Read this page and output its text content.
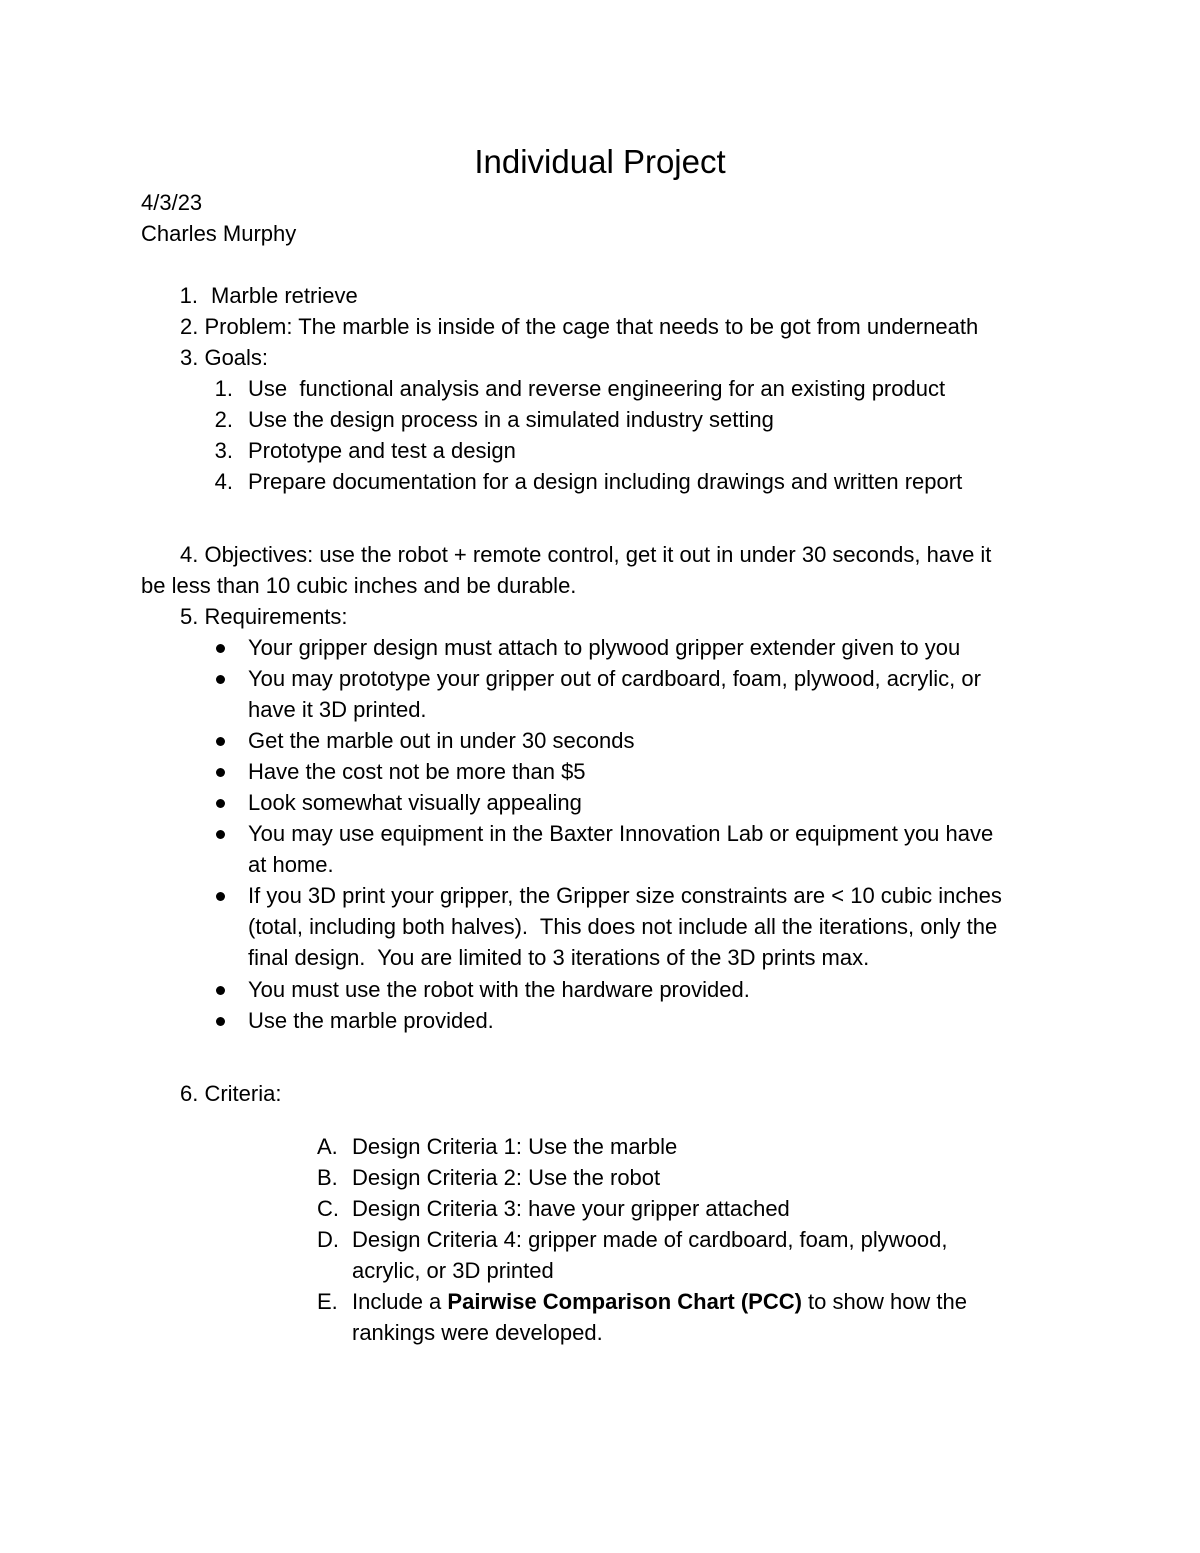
Individual Project
4/3/23
Charles Murphy
1. Marble retrieve
2. Problem: The marble is inside of the cage that needs to be got from underneath
3. Goals:
1. Use  functional analysis and reverse engineering for an existing product
2. Use the design process in a simulated industry setting
3. Prototype and test a design
4. Prepare documentation for a design including drawings and written report
4. Objectives: use the robot + remote control, get it out in under 30 seconds, have it
be less than 10 cubic inches and be durable.
5. Requirements:
Your gripper design must attach to plywood gripper extender given to you
You may prototype your gripper out of cardboard, foam, plywood, acrylic, or
have it 3D printed.
Get the marble out in under 30 seconds
Have the cost not be more than $5
Look somewhat visually appealing
You may use equipment in the Baxter Innovation Lab or equipment you have
at home.
If you 3D print your gripper, the Gripper size constraints are < 10 cubic inches
(total, including both halves).  This does not include all the iterations, only the
final design.  You are limited to 3 iterations of the 3D prints max.
You must use the robot with the hardware provided.
Use the marble provided.
6. Criteria:
A. Design Criteria 1: Use the marble
B. Design Criteria 2: Use the robot
C. Design Criteria 3: have your gripper attached
D. Design Criteria 4: gripper made of cardboard, foam, plywood,
acrylic, or 3D printed
E. Include a Pairwise Comparison Chart (PCC) to show how the
rankings were developed.
